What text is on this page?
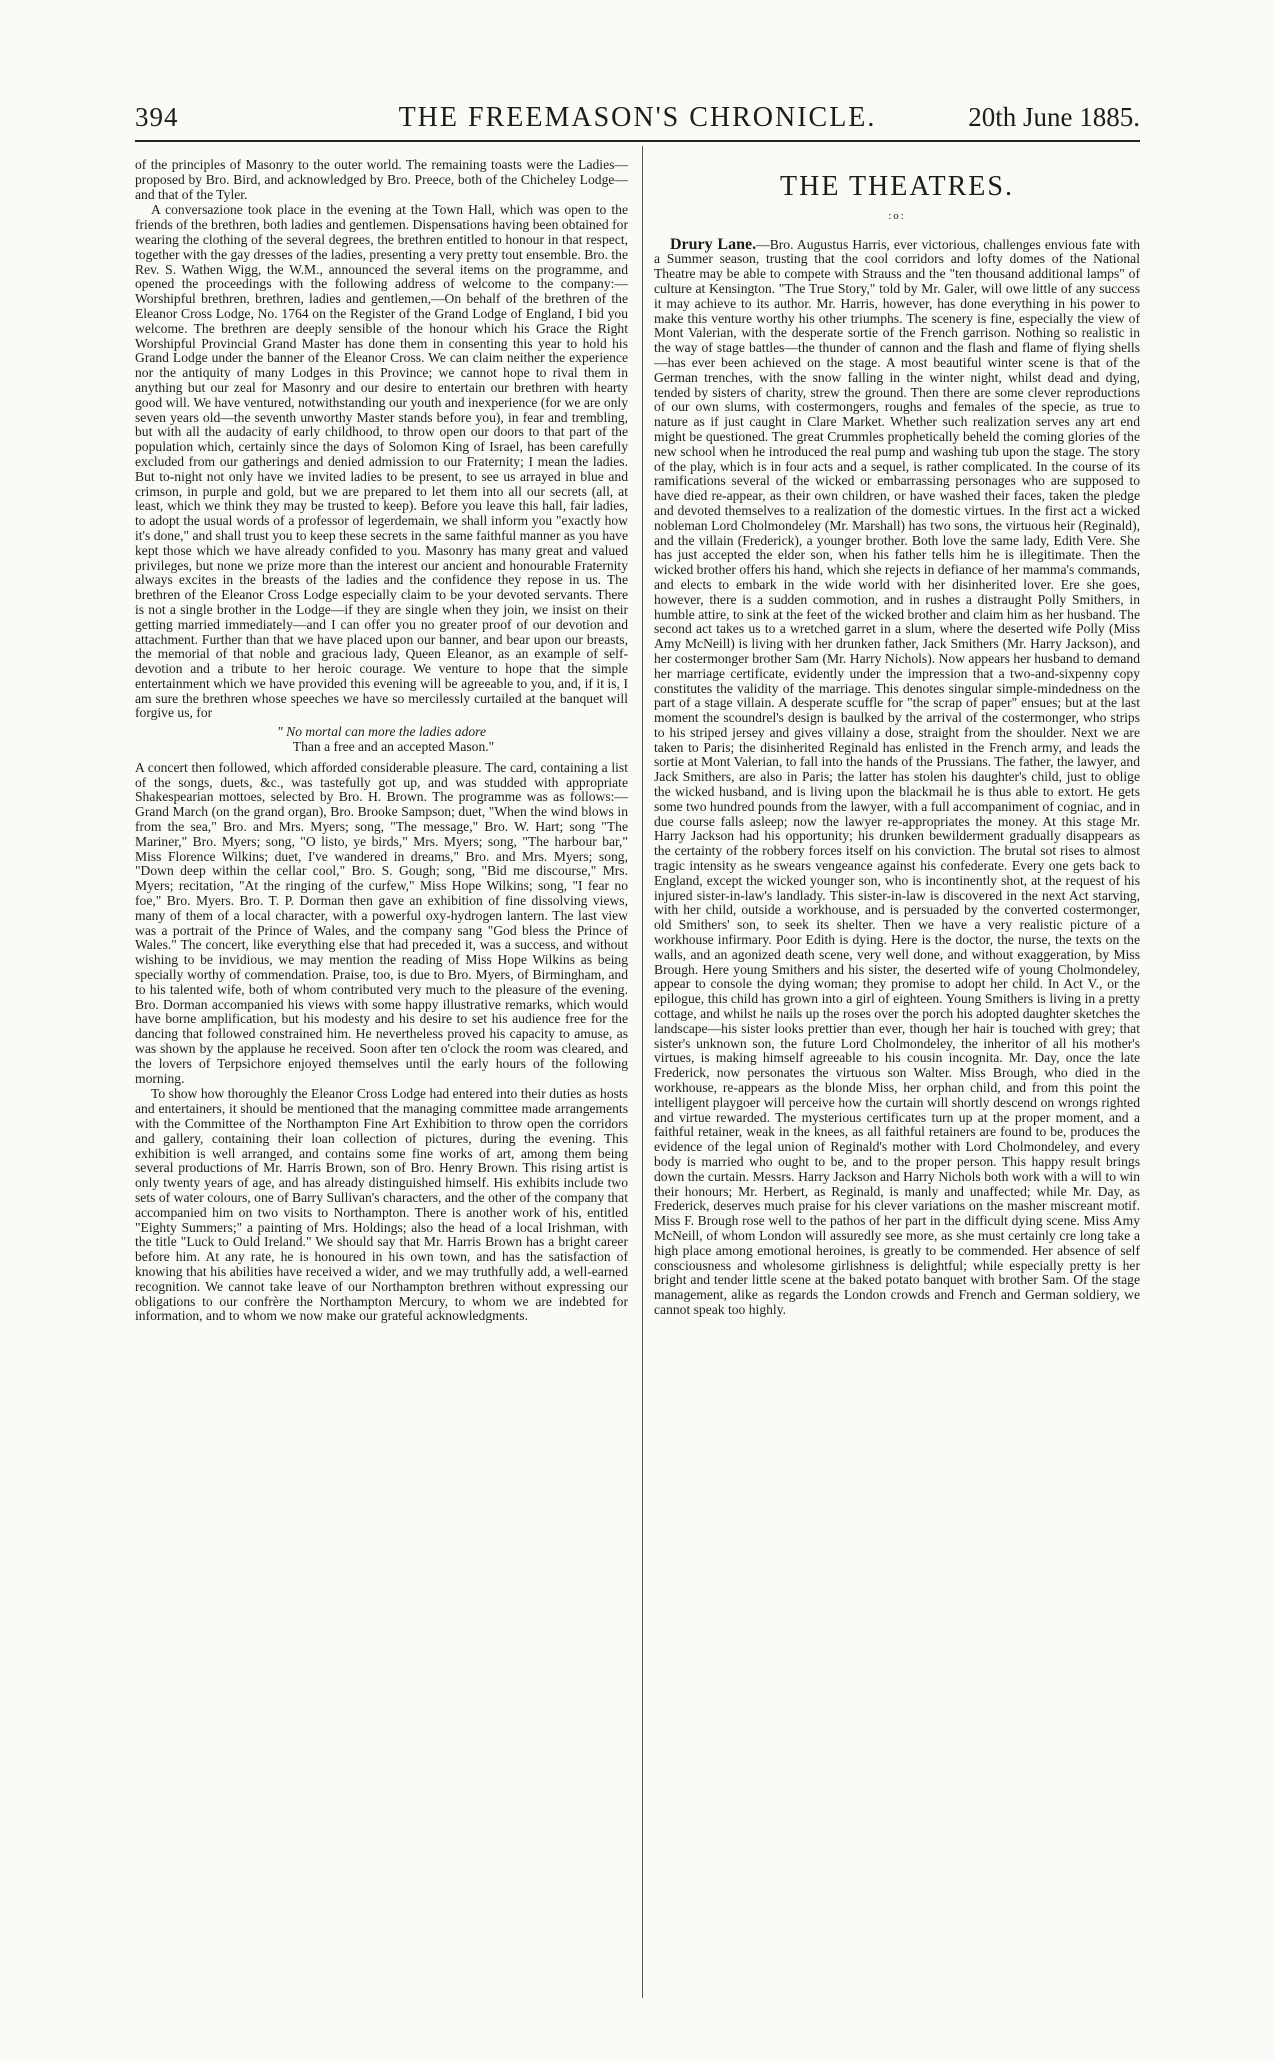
394	THE FREEMASON'S CHRONICLE.	20th June 1885.

of the principles of Masonry to the outer world. The remaining toasts were the Ladies—proposed by Bro. Bird, and acknowledged by Bro. Preece, both of the Chicheley Lodge—and that of the Tyler.

A conversazione took place in the evening at the Town Hall, which was open to the friends of the brethren, both ladies and gentlemen. Dispensations having been obtained for wearing the clothing of the several degrees, the brethren entitled to honour in that respect, together with the gay dresses of the ladies, presenting a very pretty tout ensemble. Bro. the Rev. S. Wathen Wigg, the W.M., announced the several items on the programme, and opened the proceedings with the following address of welcome to the company:—Worshipful brethren, brethren, ladies and gentlemen,—On behalf of the brethren of the Eleanor Cross Lodge, No. 1764 on the Register of the Grand Lodge of England, I bid you welcome. The brethren are deeply sensible of the honour which his Grace the Right Worshipful Provincial Grand Master has done them in consenting this year to hold his Grand Lodge under the banner of the Eleanor Cross. We can claim neither the experience nor the antiquity of many Lodges in this Province; we cannot hope to rival them in anything but our zeal for Masonry and our desire to entertain our brethren with hearty good will. We have ventured, notwithstanding our youth and inexperience (for we are only seven years old—the seventh unworthy Master stands before you), in fear and trembling, but with all the audacity of early childhood, to throw open our doors to that part of the population which, certainly since the days of Solomon King of Israel, has been carefully excluded from our gatherings and denied admission to our Fraternity; I mean the ladies. But to-night not only have we invited ladies to be present, to see us arrayed in blue and crimson, in purple and gold, but we are prepared to let them into all our secrets (all, at least, which we think they may be trusted to keep). Before you leave this hall, fair ladies, to adopt the usual words of a professor of legerdemain, we shall inform you "exactly how it's done," and shall trust you to keep these secrets in the same faithful manner as you have kept those which we have already confided to you. Masonry has many great and valued privileges, but none we prize more than the interest our ancient and honourable Fraternity always excites in the breasts of the ladies and the confidence they repose in us. The brethren of the Eleanor Cross Lodge especially claim to be your devoted servants. There is not a single brother in the Lodge—if they are single when they join, we insist on their getting married immediately—and I can offer you no greater proof of our devotion and attachment. Further than that we have placed upon our banner, and bear upon our breasts, the memorial of that noble and gracious lady, Queen Eleanor, as an example of self-devotion and a tribute to her heroic courage. We venture to hope that the simple entertainment which we have provided this evening will be agreeable to you, and, if it is, I am sure the brethren whose speeches we have so mercilessly curtailed at the banquet will forgive us, for

" No mortal can more the ladies adore
Than a free and an accepted Mason."

A concert then followed, which afforded considerable pleasure. The card, containing a list of the songs, duets, &c., was tastefully got up, and was studded with appropriate Shakespearian mottoes, selected by Bro. H. Brown. The programme was as follows:—Grand March (on the grand organ), Bro. Brooke Sampson; duet, "When the wind blows in from the sea," Bro. and Mrs. Myers; song, "The message," Bro. W. Hart; song "The Mariner," Bro. Myers; song, "O listo, ye birds," Mrs. Myers; song, "The harbour bar," Miss Florence Wilkins; duet, I've wandered in dreams," Bro. and Mrs. Myers; song, "Down deep within the cellar cool," Bro. S. Gough; song, "Bid me discourse," Mrs. Myers; recitation, "At the ringing of the curfew," Miss Hope Wilkins; song, "I fear no foe," Bro. Myers. Bro. T. P. Dorman then gave an exhibition of fine dissolving views, many of them of a local character, with a powerful oxy-hydrogen lantern. The last view was a portrait of the Prince of Wales, and the company sang "God bless the Prince of Wales." The concert, like everything else that had preceded it, was a success, and without wishing to be invidious, we may mention the reading of Miss Hope Wilkins as being specially worthy of commendation. Praise, too, is due to Bro. Myers, of Birmingham, and to his talented wife, both of whom contributed very much to the pleasure of the evening. Bro. Dorman accompanied his views with some happy illustrative remarks, which would have borne amplification, but his modesty and his desire to set his audience free for the dancing that followed constrained him. He nevertheless proved his capacity to amuse, as was shown by the applause he received. Soon after ten o'clock the room was cleared, and the lovers of Terpsichore enjoyed themselves until the early hours of the following morning.

To show how thoroughly the Eleanor Cross Lodge had entered into their duties as hosts and entertainers, it should be mentioned that the managing committee made arrangements with the Committee of the Northampton Fine Art Exhibition to throw open the corridors and gallery, containing their loan collection of pictures, during the evening. This exhibition is well arranged, and contains some fine works of art, among them being several productions of Mr. Harris Brown, son of Bro. Henry Brown. This rising artist is only twenty years of age, and has already distinguished himself. His exhibits include two sets of water colours, one of Barry Sullivan's characters, and the other of the company that accompanied him on two visits to Northampton. There is another work of his, entitled "Eighty Summers;" a painting of Mrs. Holdings; also the head of a local Irishman, with the title "Luck to Ould Ireland." We should say that Mr. Harris Brown has a bright career before him. At any rate, he is honoured in his own town, and has the satisfaction of knowing that his abilities have received a wider, and we may truthfully add, a well-earned recognition. We cannot take leave of our Northampton brethren without expressing our obligations to our confrère the Northampton Mercury, to whom we are indebted for information, and to whom we now make our grateful acknowledgments.

THE THEATRES.
:o:

Drury Lane.—Bro. Augustus Harris, ever victorious, challenges envious fate with a Summer season, trusting that the cool corridors and lofty domes of the National Theatre may be able to compete with Strauss and the "ten thousand additional lamps" of culture at Kensington. "The True Story," told by Mr. Galer, will owe little of any success it may achieve to its author. Mr. Harris, however, has done everything in his power to make this venture worthy his other triumphs. The scenery is fine, especially the view of Mont Valerian, with the desperate sortie of the French garrison. Nothing so realistic in the way of stage battles—the thunder of cannon and the flash and flame of flying shells—has ever been achieved on the stage. A most beautiful winter scene is that of the German trenches, with the snow falling in the winter night, whilst dead and dying, tended by sisters of charity, strew the ground. Then there are some clever reproductions of our own slums, with costermongers, roughs and females of the specie, as true to nature as if just caught in Clare Market. Whether such realization serves any art end might be questioned. The great Crummles prophetically beheld the coming glories of the new school when he introduced the real pump and washing tub upon the stage. The story of the play, which is in four acts and a sequel, is rather complicated. In the course of its ramifications several of the wicked or embarrassing personages who are supposed to have died re-appear, as their own children, or have washed their faces, taken the pledge and devoted themselves to a realization of the domestic virtues. In the first act a wicked nobleman Lord Cholmondeley (Mr. Marshall) has two sons, the virtuous heir (Reginald), and the villain (Frederick), a younger brother. Both love the same lady, Edith Vere. She has just accepted the elder son, when his father tells him he is illegitimate. Then the wicked brother offers his hand, which she rejects in defiance of her mamma's commands, and elects to embark in the wide world with her disinherited lover. Ere she goes, however, there is a sudden commotion, and in rushes a distraught Polly Smithers, in humble attire, to sink at the feet of the wicked brother and claim him as her husband. The second act takes us to a wretched garret in a slum, where the deserted wife Polly (Miss Amy McNeill) is living with her drunken father, Jack Smithers (Mr. Harry Jackson), and her costermonger brother Sam (Mr. Harry Nichols). Now appears her husband to demand her marriage certificate, evidently under the impression that a two-and-sixpenny copy constitutes the validity of the marriage. This denotes singular simple-mindedness on the part of a stage villain. A desperate scuffle for "the scrap of paper" ensues; but at the last moment the scoundrel's design is baulked by the arrival of the costermonger, who strips to his striped jersey and gives villainy a dose, straight from the shoulder. Next we are taken to Paris; the disinherited Reginald has enlisted in the French army, and leads the sortie at Mont Valerian, to fall into the hands of the Prussians. The father, the lawyer, and Jack Smithers, are also in Paris; the latter has stolen his daughter's child, just to oblige the wicked husband, and is living upon the blackmail he is thus able to extort. He gets some two hundred pounds from the lawyer, with a full accompaniment of cogniac, and in due course falls asleep; now the lawyer re-appropriates the money. At this stage Mr. Harry Jackson had his opportunity; his drunken bewilderment gradually disappears as the certainty of the robbery forces itself on his conviction. The brutal sot rises to almost tragic intensity as he swears vengeance against his confederate. Every one gets back to England, except the wicked younger son, who is incontinently shot, at the request of his injured sister-in-law's landlady. This sister-in-law is discovered in the next Act starving, with her child, outside a workhouse, and is persuaded by the converted costermonger, old Smithers' son, to seek its shelter. Then we have a very realistic picture of a workhouse infirmary. Poor Edith is dying. Here is the doctor, the nurse, the texts on the walls, and an agonized death scene, very well done, and without exaggeration, by Miss Brough. Here young Smithers and his sister, the deserted wife of young Cholmondeley, appear to console the dying woman; they promise to adopt her child. In Act V., or the epilogue, this child has grown into a girl of eighteen. Young Smithers is living in a pretty cottage, and whilst he nails up the roses over the porch his adopted daughter sketches the landscape—his sister looks prettier than ever, though her hair is touched with grey; that sister's unknown son, the future Lord Cholmondeley, the inheritor of all his mother's virtues, is making himself agreeable to his cousin incognita. Mr. Day, once the late Frederick, now personates the virtuous son Walter. Miss Brough, who died in the workhouse, re-appears as the blonde Miss, her orphan child, and from this point the intelligent playgoer will perceive how the curtain will shortly descend on wrongs righted and virtue rewarded. The mysterious certificates turn up at the proper moment, and a faithful retainer, weak in the knees, as all faithful retainers are found to be, produces the evidence of the legal union of Reginald's mother with Lord Cholmondeley, and every body is married who ought to be, and to the proper person. This happy result brings down the curtain. Messrs. Harry Jackson and Harry Nichols both work with a will to win their honours; Mr. Herbert, as Reginald, is manly and unaffected; while Mr. Day, as Frederick, deserves much praise for his clever variations on the masher miscreant motif. Miss F. Brough rose well to the pathos of her part in the difficult dying scene. Miss Amy McNeill, of whom London will assuredly see more, as she must certainly cre long take a high place among emotional heroines, is greatly to be commended. Her absence of self consciousness and wholesome girlishness is delightful; while especially pretty is her bright and tender little scene at the baked potato banquet with brother Sam. Of the stage management, alike as regards the London crowds and French and German soldiery, we cannot speak too highly.
